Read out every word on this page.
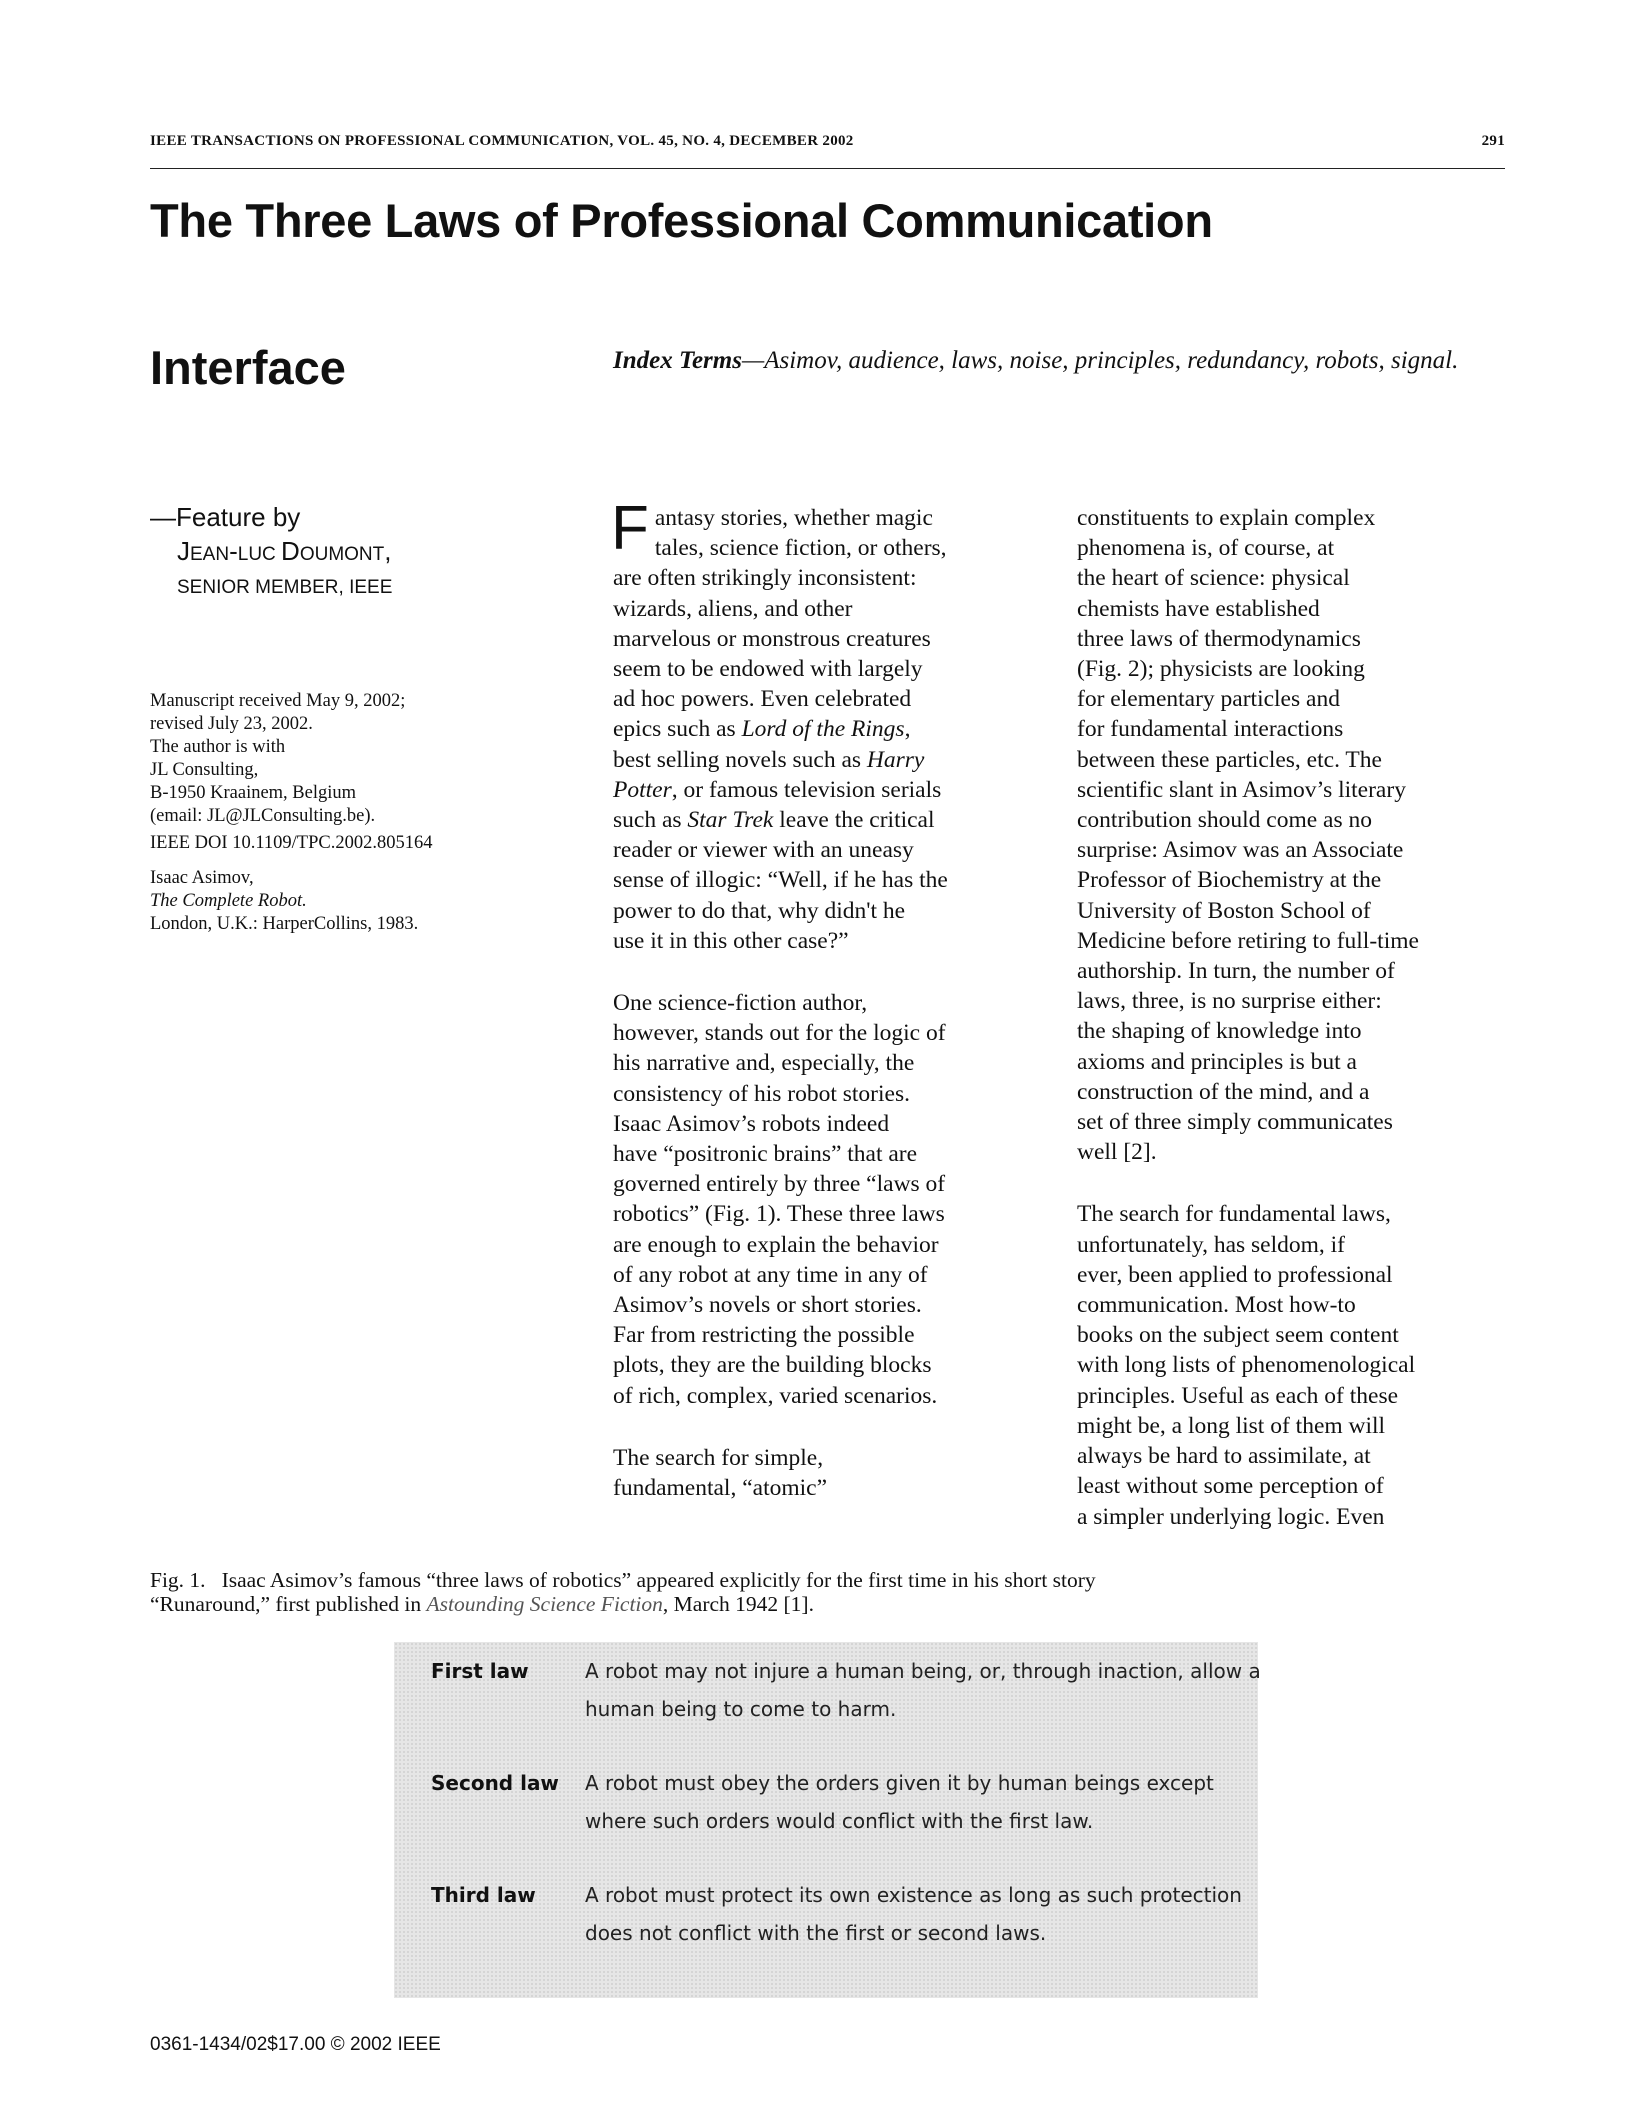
IEEE TRANSACTIONS ON PROFESSIONAL COMMUNICATION, VOL. 45, NO. 4, DECEMBER 2002	291
The Three Laws of Professional Communication
Interface	Index Terms—Asimov, audience, laws, noise, principles, redundancy, robots, signal.
—Feature by
JEAN-LUC DOUMONT,
SENIOR MEMBER, IEEE

Manuscript received May 9, 2002;

revised July 23, 2002.

The author is with

JL Consulting,

B-1950 Kraainem, Belgium

(email: JL@JLConsulting.be).

IEEE DOI 10.1109/TPC.2002.805164

Isaac Asimov,

The Complete Robot.

London, U.K.: HarperCollins, 1983.

F antasy stories, whether magic
tales, science fiction, or others,
are often strikingly inconsistent:
wizards, aliens, and other
marvelous or monstrous creatures
seem to be endowed with largely
ad hoc powers. Even celebrated
epics such as Lord of the Rings,
best selling novels such as Harry
Potter, or famous television serials
such as Star Trek leave the critical
reader or viewer with an uneasy
sense of illogic: “Well, if he has the
power to do that, why didn't he
use it in this other case?”
One science-fiction author,
however, stands out for the logic of
his narrative and, especially, the
consistency of his robot stories.
Isaac Asimov’s robots indeed
have “positronic brains” that are
governed entirely by three “laws of
robotics” (Fig. 1). These three laws
are enough to explain the behavior
of any robot at any time in any of
Asimov’s novels or short stories.
Far from restricting the possible
plots, they are the building blocks
of rich, complex, varied scenarios.
The search for simple,
fundamental, “atomic”
constituents to explain complex
phenomena is, of course, at
the heart of science: physical
chemists have established
three laws of thermodynamics
(Fig. 2); physicists are looking
for elementary particles and
for fundamental interactions
between these particles, etc. The
scientific slant in Asimov’s literary
contribution should come as no
surprise: Asimov was an Associate
Professor of Biochemistry at the
University of Boston School of
Medicine before retiring to full-time
authorship. In turn, the number of
laws, three, is no surprise either:
the shaping of knowledge into
axioms and principles is but a
construction of the mind, and a
set of three simply communicates
well [2].
The search for fundamental laws,
unfortunately, has seldom, if
ever, been applied to professional
communication. Most how-to
books on the subject seem content
with long lists of phenomenological
principles. Useful as each of these
might be, a long list of them will
always be hard to assimilate, at
least without some perception of
a simpler underlying logic. Even
Fig. 1. Isaac Asimov’s famous “three laws of robotics” appeared explicitly for the first time in his short story
“Runaround,” first published in Astounding Science Fiction, March 1942 [1].
First law	A robot may not injure a human being, or, through inaction, allow a human being to come to harm.
Second law	A robot must obey the orders given it by human beings except where such orders would conflict with the first law.
Third law	A robot must protect its own existence as long as such protection does not conflict with the first or second laws.
0361-1434/02$17.00 © 2002 IEEE
